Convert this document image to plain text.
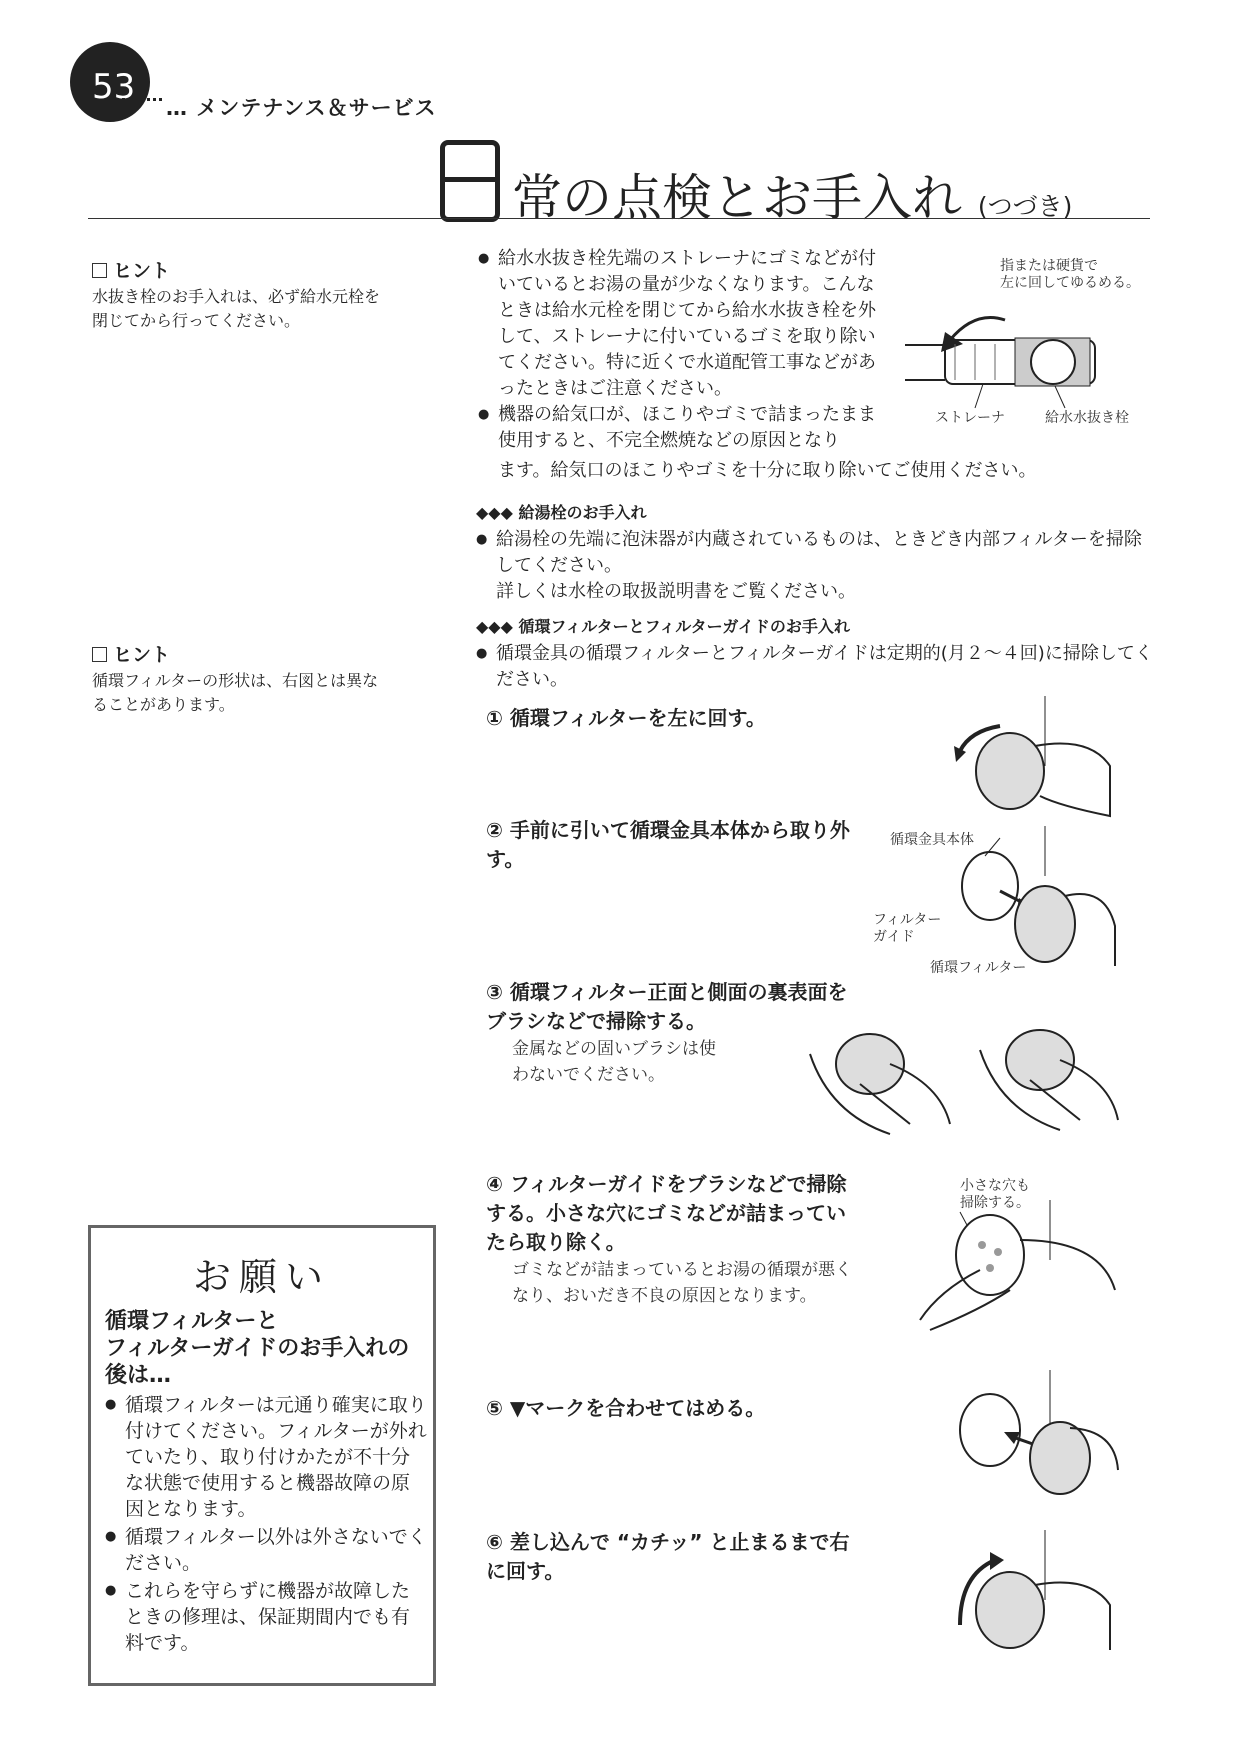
53
… メンテナンス＆サービス
常の点検とお手入れ (つづき)
ヒント
水抜き栓のお手入れは、必ず給水元栓を閉じてから行ってください。
ヒント
循環フィルターの形状は、右図とは異なることがあります。
● 給水水抜き栓先端のストレーナにゴミなどが付いているとお湯の量が少なくなります。こんなときは給水元栓を閉じてから給水水抜き栓を外して、ストレーナに付いているゴミを取り除いてください。特に近くで水道配管工事などがあったときはご注意ください。
● 機器の給気口が、ほこりやゴミで詰まったまま使用すると、不完全燃焼などの原因となり
ます。給気口のほこりやゴミを十分に取り除いてご使用ください。
指または硬貨で
左に回してゆるめる。
ストレーナ	給水水抜き栓
◆◆◆ 給湯栓のお手入れ
● 給湯栓の先端に泡沫器が内蔵されているものは、ときどき内部フィルターを掃除してください。
詳しくは水栓の取扱説明書をご覧ください。
◆◆◆ 循環フィルターとフィルターガイドのお手入れ
● 循環金具の循環フィルターとフィルターガイドは定期的(月２～４回)に掃除してください。
① 循環フィルターを左に回す。
② 手前に引いて循環金具本体から取り外す。
③ 循環フィルター正面と側面の裏表面をブラシなどで掃除する。
金属などの固いブラシは使わないでください。
④ フィルターガイドをブラシなどで掃除する。小さな穴にゴミなどが詰まっていたら取り除く。
ゴミなどが詰まっているとお湯の循環が悪くなり、おいだき不良の原因となります。
⑤ ▼マークを合わせてはめる。
⑥ 差し込んで “カチッ” と止まるまで右に回す。
循環金具本体
フィルター
ガイド
循環フィルター
小さな穴も
掃除する。
お願い
循環フィルターと
フィルターガイドのお手入れの後は…
● 循環フィルターは元通り確実に取り付けてください。フィルターが外れていたり、取り付けかたが不十分な状態で使用すると機器故障の原因となります。
● 循環フィルター以外は外さないでください。
● これらを守らずに機器が故障したときの修理は、保証期間内でも有料です。
